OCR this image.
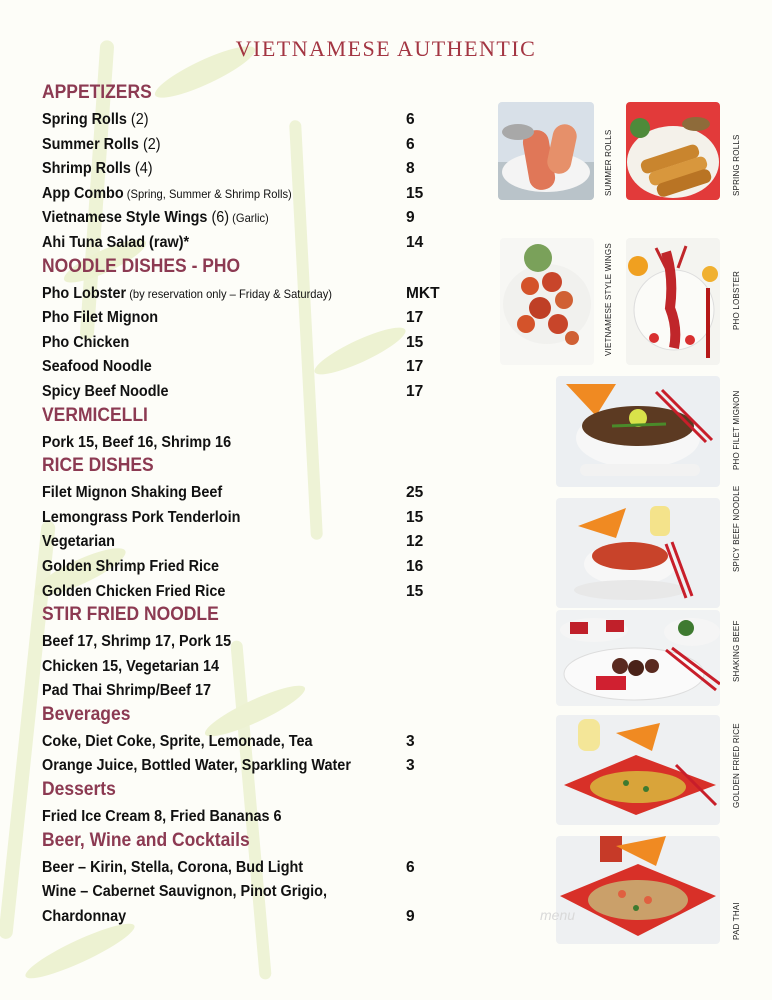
VIETNAMESE AUTHENTIC
APPETIZERS
Spring Rolls (2)	6
Summer Rolls (2)	6
Shrimp Rolls (4)	8
App Combo (Spring, Summer & Shrimp Rolls)	15
Vietnamese Style Wings (6) (Garlic)	9
Ahi Tuna Salad (raw)*	14
NOODLE DISHES - PHO
Pho Lobster (by reservation only – Friday & Saturday)	MKT
Pho Filet Mignon	17
Pho Chicken	15
Seafood Noodle	17
Spicy Beef Noodle	17
VERMICELLI
Pork 15, Beef 16, Shrimp 16
RICE DISHES
Filet Mignon Shaking Beef	25
Lemongrass Pork Tenderloin	15
Vegetarian	12
Golden Shrimp Fried Rice	16
Golden Chicken Fried Rice	15
STIR FRIED NOODLE
Beef 17, Shrimp 17, Pork 15
Chicken 15, Vegetarian 14
Pad Thai Shrimp/Beef 17
Beverages
Coke, Diet Coke, Sprite, Lemonade, Tea	3
Orange Juice, Bottled Water, Sparkling Water	3
Desserts
Fried Ice Cream 8, Fried Bananas 6
Beer, Wine and Cocktails
Beer – Kirin, Stella, Corona, Bud Light	6
Wine – Cabernet Sauvignon, Pinot Grigio,
Chardonnay	9
SUMMER ROLLS	SPRING ROLLS
VIETNAMESE STYLE WINGS	PHO LOBSTER
PHO FILET MIGNON
SPICY BEEF NOODLE
SHAKING BEEF
GOLDEN FRIED RICE
PAD THAI
menu
